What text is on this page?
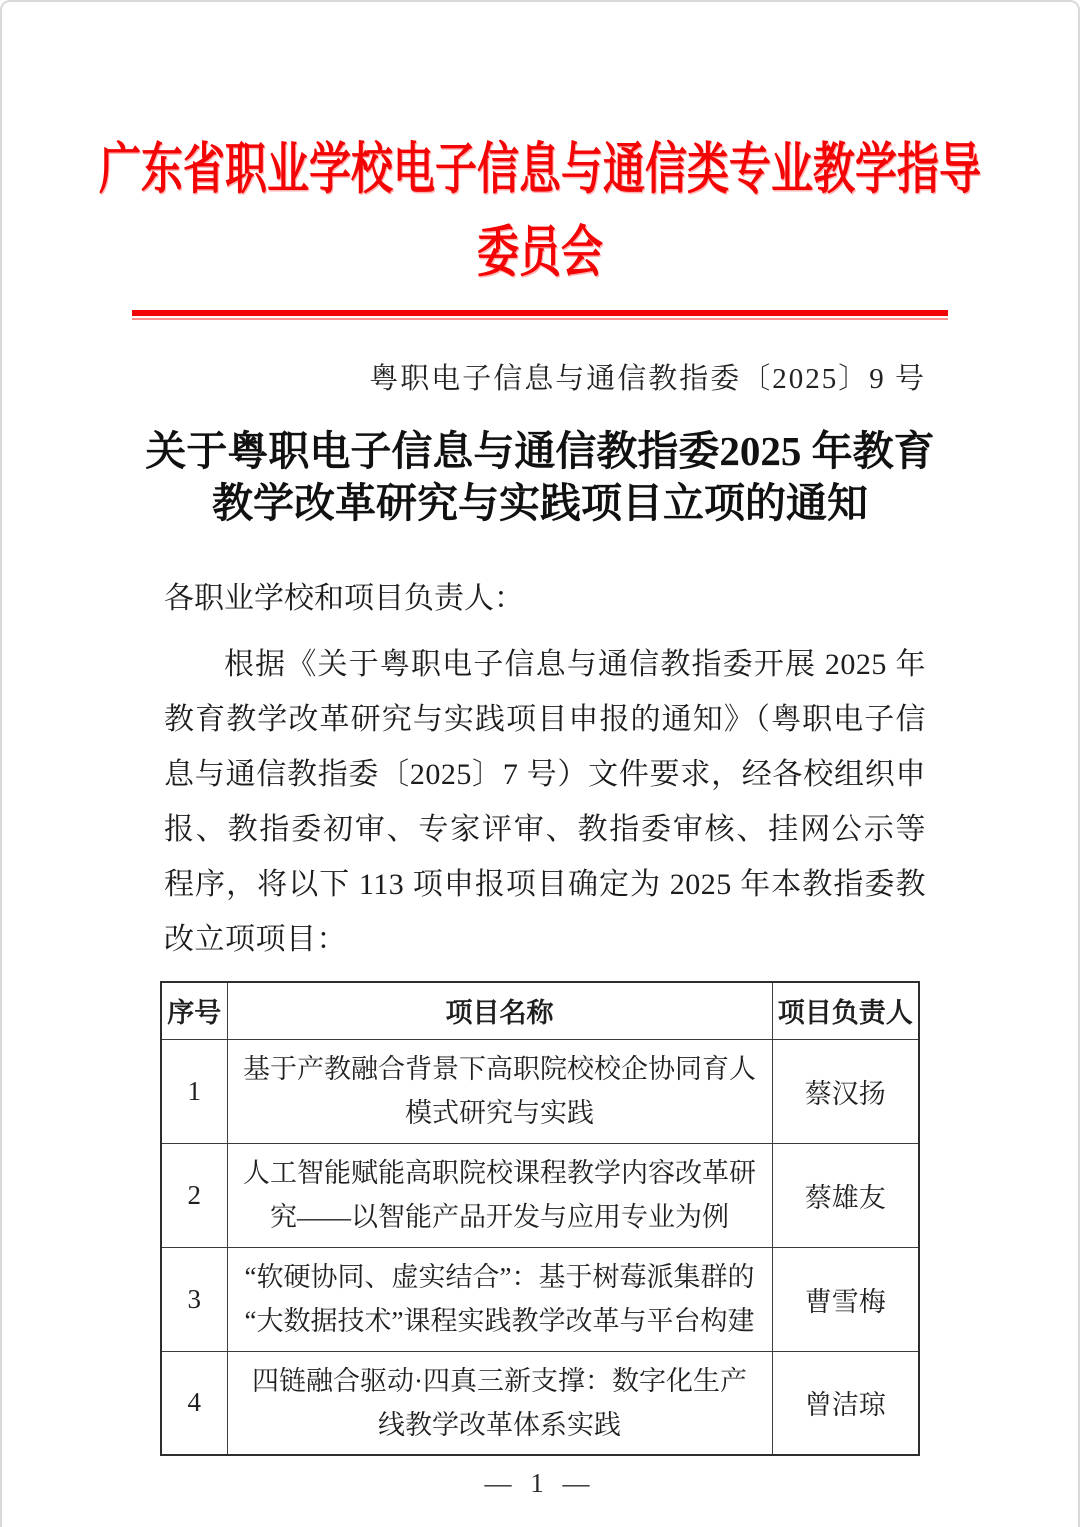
广东省职业学校电子信息与通信类专业教学指导委员会
粤职电子信息与通信教指委〔2025〕9 号
关于粤职电子信息与通信教指委2025 年教育教学改革研究与实践项目立项的通知
各职业学校和项目负责人：
根据《关于粤职电子信息与通信教指委开展 2025 年教育教学改革研究与实践项目申报的通知》（粤职电子信息与通信教指委〔2025〕7 号）文件要求，经各校组织申报、教指委初审、专家评审、教指委审核、挂网公示等程序，将以下 113 项申报项目确定为 2025 年本教指委教改立项项目：
序号	项目名称	项目负责人
1	基于产教融合背景下高职院校校企协同育人模式研究与实践	蔡汉扬
2	人工智能赋能高职院校课程教学内容改革研究——以智能产品开发与应用专业为例	蔡雄友
3	“软硬协同、虚实结合”：基于树莓派集群的“大数据技术”课程实践教学改革与平台构建	曹雪梅
4	四链融合驱动·四真三新支撑：数字化生产线教学改革体系实践	曾洁琼
— 1 —
